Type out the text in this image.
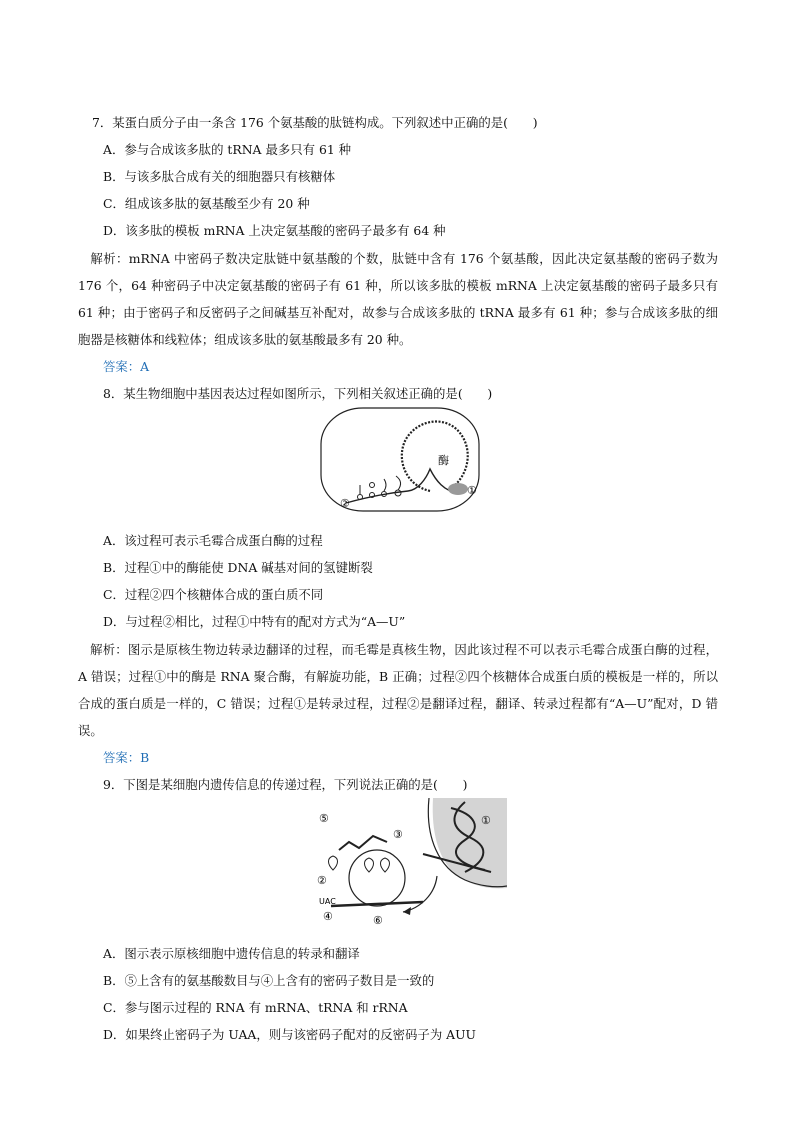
7．某蛋白质分子由一条含 176 个氨基酸的肽链构成。下列叙述中正确的是(　　)
A．参与合成该多肽的 tRNA 最多只有 61 种
B．与该多肽合成有关的细胞器只有核糖体
C．组成该多肽的氨基酸至少有 20 种
D．该多肽的模板 mRNA 上决定氨基酸的密码子最多有 64 种
解析：mRNA 中密码子数决定肽链中氨基酸的个数，肽链中含有 176 个氨基酸，因此决定氨基酸的密码子数为 176 个，64 种密码子中决定氨基酸的密码子有 61 种，所以该多肽的模板 mRNA 上决定氨基酸的密码子最多只有 61 种；由于密码子和反密码子之间碱基互补配对，故参与合成该多肽的 tRNA 最多有 61 种；参与合成该多肽的细胞器是核糖体和线粒体；组成该多肽的氨基酸最多有 20 种。
答案：A
8．某生物细胞中基因表达过程如图所示，下列相关叙述正确的是(　　)
酶
①
②
A．该过程可表示毛霉合成蛋白酶的过程
B．过程①中的酶能使 DNA 碱基对间的氢键断裂
C．过程②四个核糖体合成的蛋白质不同
D．与过程②相比，过程①中特有的配对方式为“A—U”
解析：图示是原核生物边转录边翻译的过程，而毛霉是真核生物，因此该过程不可以表示毛霉合成蛋白酶的过程，A 错误；过程①中的酶是 RNA 聚合酶，有解旋功能，B 正确；过程②四个核糖体合成蛋白质的模板是一样的，所以合成的蛋白质是一样的，C 错误；过程①是转录过程，过程②是翻译过程，翻译、转录过程都有“A—U”配对，D 错误。
答案：B
9．下图是某细胞内遗传信息的传递过程，下列说法正确的是(　　)
⑤
③
①
②
UAC
④	⑥
A．图示表示原核细胞中遗传信息的转录和翻译
B．⑤上含有的氨基酸数目与④上含有的密码子数目是一致的
C．参与图示过程的 RNA 有 mRNA、tRNA 和 rRNA
D．如果终止密码子为 UAA，则与该密码子配对的反密码子为 AUU
